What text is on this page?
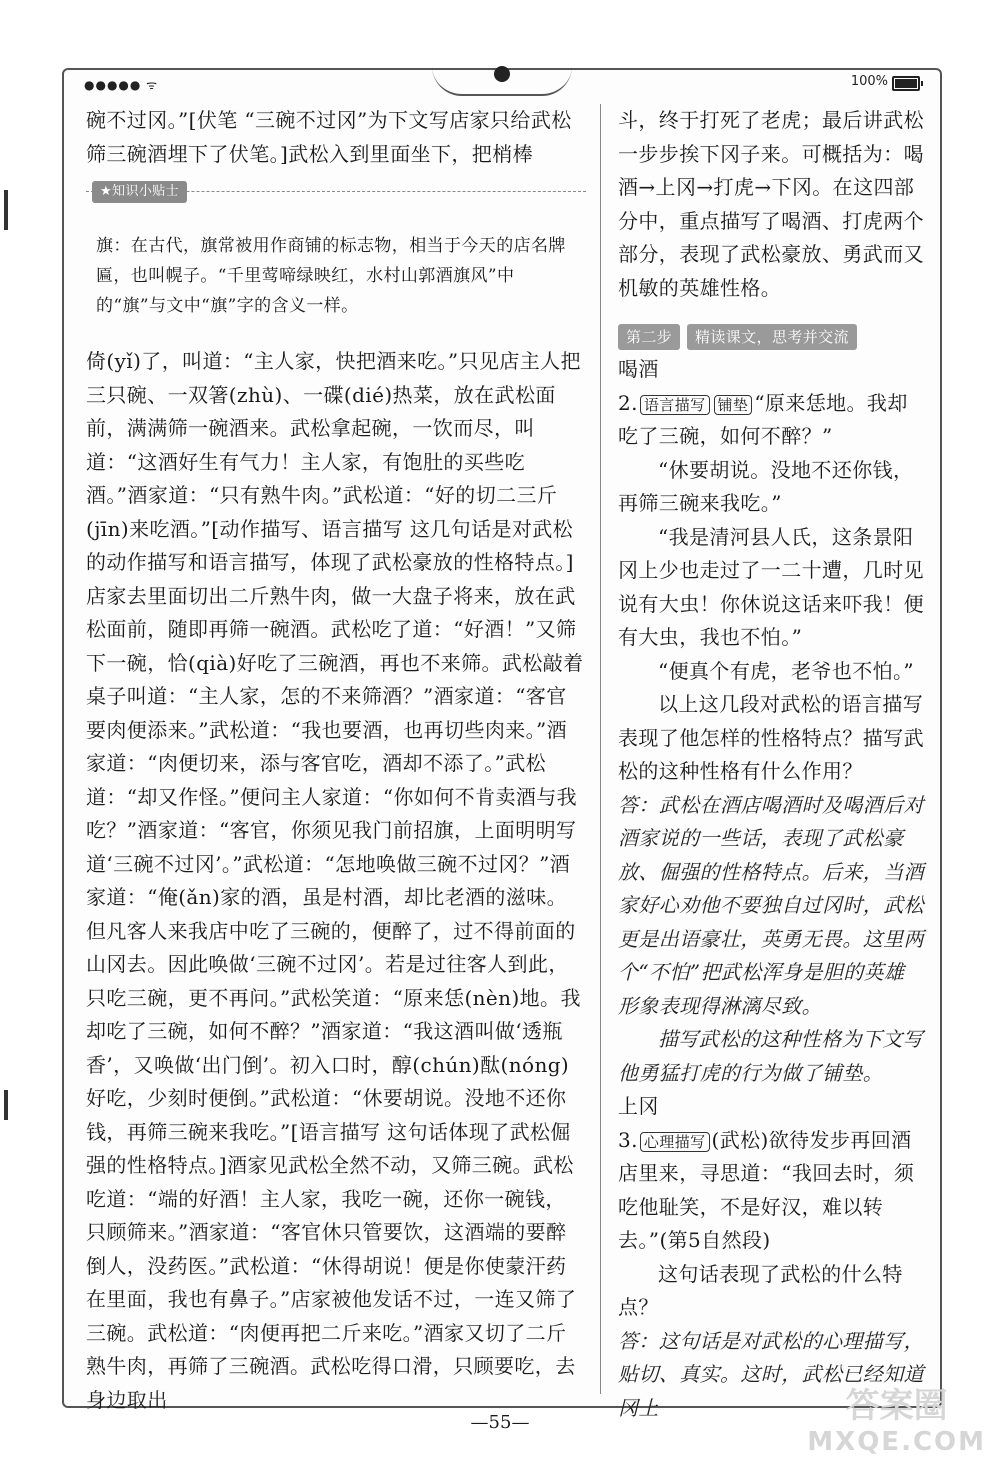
●●●●● ᯤ	100%

碗不过冈。”[伏笔 “三碗不过冈”为下文写店家只给武松筛三碗酒埋下了伏笔。]武松入到里面坐下，把梢棒

★知识小贴士
旗：在古代，旗常被用作商铺的标志物，相当于今天的店名牌匾，也叫幌子。“千里莺啼绿映红，水村山郭酒旗风”中的“旗”与文中“旗”字的含义一样。

倚(yǐ)了，叫道：“主人家，快把酒来吃。”只见店主人把三只碗、一双箸(zhù)、一碟(dié)热菜，放在武松面前，满满筛一碗酒来。武松拿起碗，一饮而尽，叫道：“这酒好生有气力！主人家，有饱肚的买些吃酒。”酒家道：“只有熟牛肉。”武松道：“好的切二三斤(jīn)来吃酒。”[动作描写、语言描写 这几句话是对武松的动作描写和语言描写，体现了武松豪放的性格特点。]店家去里面切出二斤熟牛肉，做一大盘子将来，放在武松面前，随即再筛一碗酒。武松吃了道：“好酒！”又筛下一碗，恰(qià)好吃了三碗酒，再也不来筛。武松敲着桌子叫道：“主人家，怎的不来筛酒？”酒家道：“客官要肉便添来。”武松道：“我也要酒，也再切些肉来。”酒家道：“肉便切来，添与客官吃，酒却不添了。”武松道：“却又作怪。”便问主人家道：“你如何不肯卖酒与我吃？”酒家道：“客官，你须见我门前招旗，上面明明写道‘三碗不过冈’。”武松道：“怎地唤做三碗不过冈？”酒家道：“俺(ǎn)家的酒，虽是村酒，却比老酒的滋味。但凡客人来我店中吃了三碗的，便醉了，过不得前面的山冈去。因此唤做‘三碗不过冈’。若是过往客人到此，只吃三碗，更不再问。”武松笑道：“原来恁(nèn)地。我却吃了三碗，如何不醉？”酒家道：“我这酒叫做‘透瓶香’，又唤做‘出门倒’。初入口时，醇(chún)酞(nóng)好吃，少刻时便倒。”武松道：“休要胡说。没地不还你钱，再筛三碗来我吃。”[语言描写 这句话体现了武松倔强的性格特点。]酒家见武松全然不动，又筛三碗。武松吃道：“端的好酒！主人家，我吃一碗，还你一碗钱，只顾筛来。”酒家道：“客官休只管要饮，这酒端的要醉倒人，没药医。”武松道：“休得胡说！便是你使蒙汗药在里面，我也有鼻子。”店家被他发话不过，一连又筛了三碗。武松道：“肉便再把二斤来吃。”酒家又切了二斤熟牛肉，再筛了三碗酒。武松吃得口滑，只顾要吃，去身边取出

斗，终于打死了老虎；最后讲武松一步步挨下冈子来。可概括为：喝酒→上冈→打虎→下冈。在这四部分中，重点描写了喝酒、打虎两个部分，表现了武松豪放、勇武而又机敏的英雄性格。

第二步 精读课文，思考并交流
喝酒

2. 语言描写 铺垫 “原来恁地。我却吃了三碗，如何不醉？”

“休要胡说。没地不还你钱，再筛三碗来我吃。”

“我是清河县人氏，这条景阳冈上少也走过了一二十遭，几时见说有大虫！你休说这话来吓我！便有大虫，我也不怕。”

“便真个有虎，老爷也不怕。”

以上这几段对武松的语言描写表现了他怎样的性格特点？描写武松的这种性格有什么作用？

答：武松在酒店喝酒时及喝酒后对酒家说的一些话，表现了武松豪放、倔强的性格特点。后来，当酒家好心劝他不要独自过冈时，武松更是出语豪壮，英勇无畏。这里两个“不怕”把武松浑身是胆的英雄形象表现得淋漓尽致。

描写武松的这种性格为下文写他勇猛打虎的行为做了铺垫。

上冈

3. 心理描写 (武松)欲待发步再回酒店里来，寻思道：“我回去时，须吃他耻笑，不是好汉，难以转去。”(第5自然段)

这句话表现了武松的什么特点？

答：这句话是对武松的心理描写，贴切、真实。这时，武松已经知道冈上

—55—	答案圈
MXQE.COM
